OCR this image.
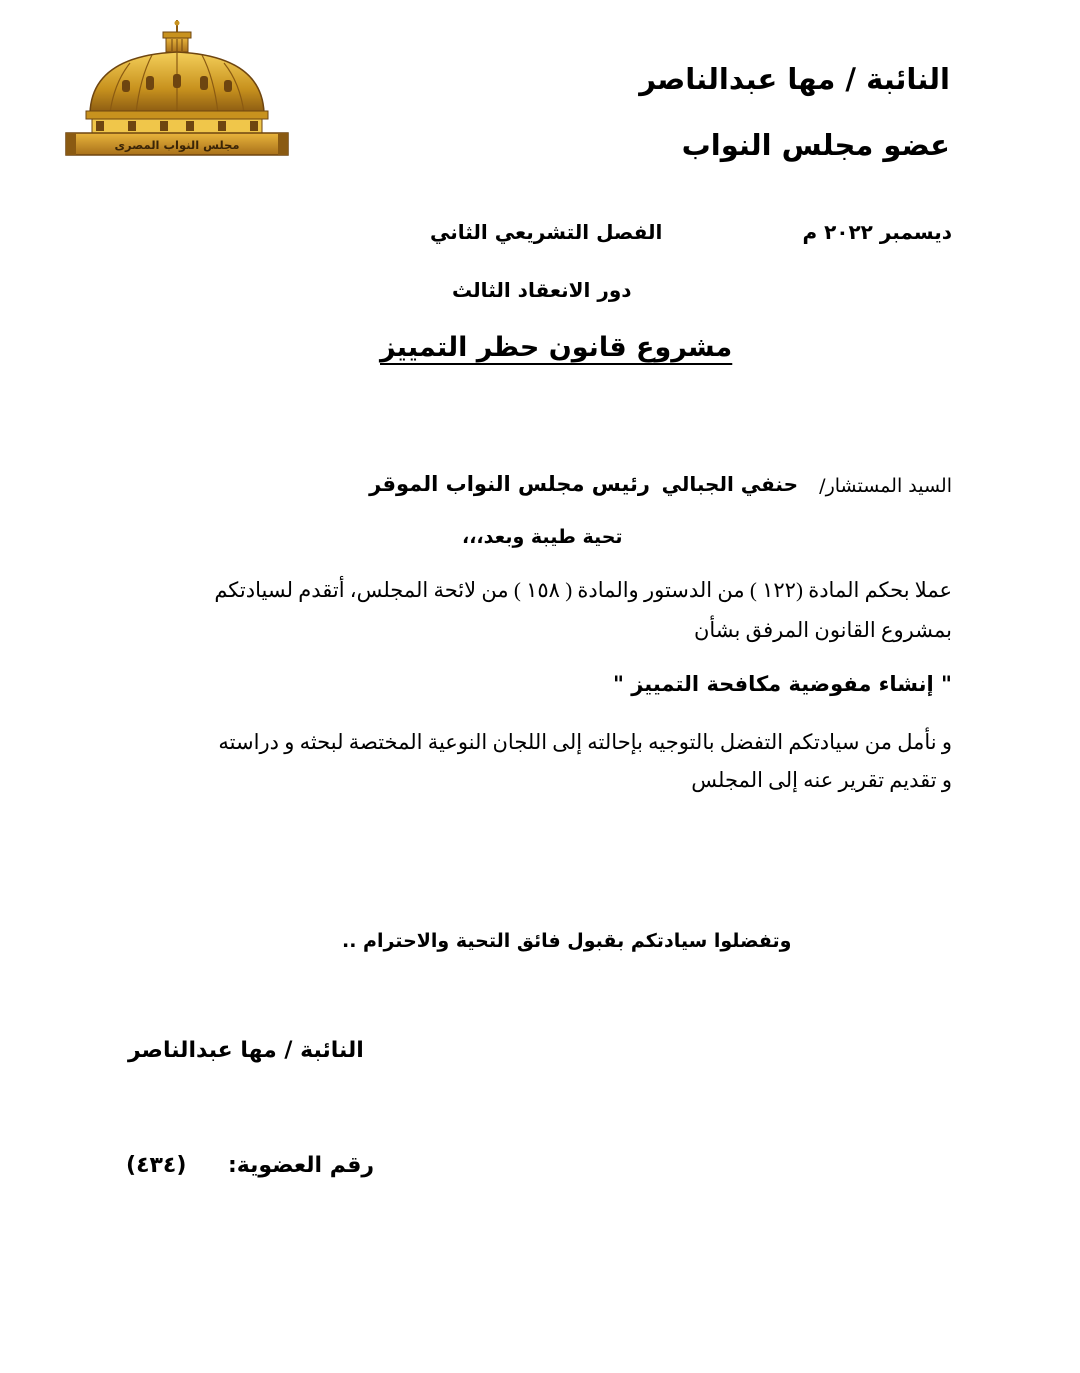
مجلس النواب المصرى
النائبة / مها عبدالناصر
عضو مجلس النواب
ديسمبر ٢٠٢٢ م
الفصل التشريعي الثاني
دور الانعقاد الثالث
مشروع قانون حظر التمييز
السيد المستشار/
حنفي الجبالي
رئيس مجلس النواب الموقر
تحية طيبة وبعد،،،
عملا بحكم المادة (١٢٢ ) من الدستور والمادة ( ١٥٨ ) من لائحة المجلس، أتقدم لسيادتكم
بمشروع القانون المرفق بشأن
" إنشاء مفوضية مكافحة التمييز "
و نأمل من سيادتكم التفضل بالتوجيه بإحالته إلى اللجان النوعية المختصة لبحثه و دراسته
و تقديم تقرير عنه إلى المجلس
وتفضلوا سيادتكم بقبول فائق التحية والاحترام ..
النائبة / مها عبدالناصر
رقم العضوية:
(٤٣٤)
